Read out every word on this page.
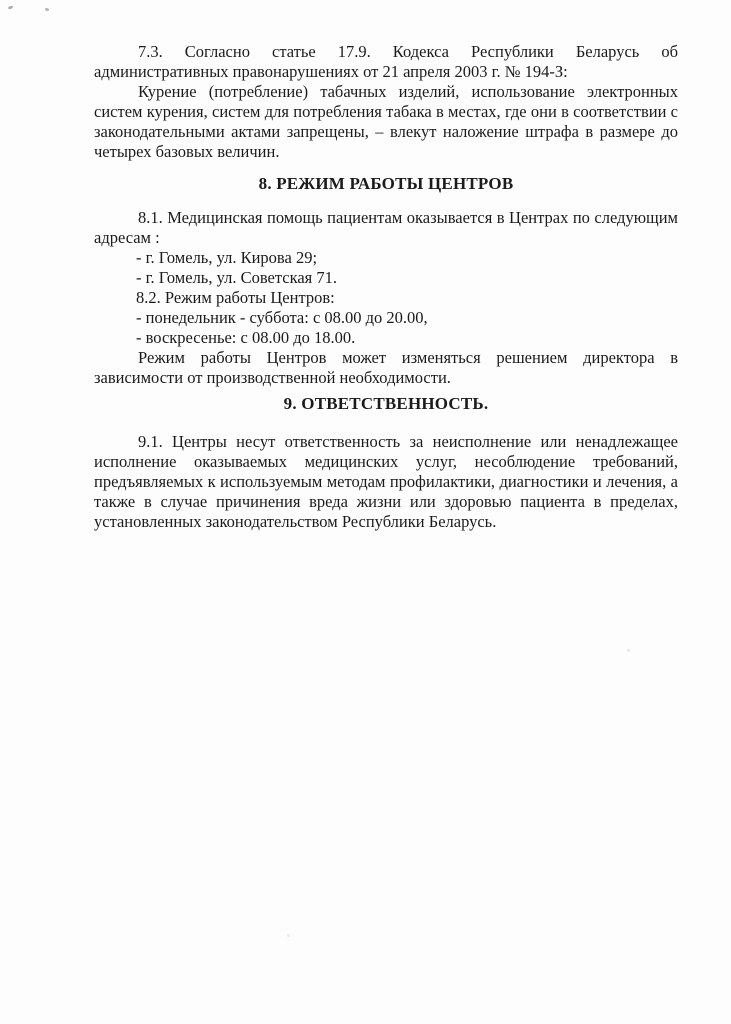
7.3. Согласно статье 17.9. Кодекса Республики Беларусь об
административных правонарушениях от 21 апреля 2003 г. № 194-З:
Курение (потребление) табачных изделий, использование электронных
систем курения, систем для потребления табака в местах, где они в соответствии с
законодательными актами запрещены, – влекут наложение штрафа в размере до
четырех базовых величин.
8. РЕЖИМ РАБОТЫ ЦЕНТРОВ
8.1. Медицинская помощь пациентам оказывается в Центрах по следующим
адресам :
- г. Гомель, ул. Кирова 29;
- г. Гомель, ул. Советская 71.
8.2. Режим работы Центров:
- понедельник - суббота: с 08.00 до 20.00,
- воскресенье: с 08.00 до 18.00.
Режим работы Центров может изменяться решением директора в
зависимости от производственной необходимости.
9. ОТВЕТСТВЕННОСТЬ.
9.1. Центры несут ответственность за неисполнение или ненадлежащее
исполнение оказываемых медицинских услуг, несоблюдение требований,
предъявляемых к используемым методам профилактики, диагностики и лечения, а
также в случае причинения вреда жизни или здоровью пациента в пределах,
установленных законодательством Республики Беларусь.
